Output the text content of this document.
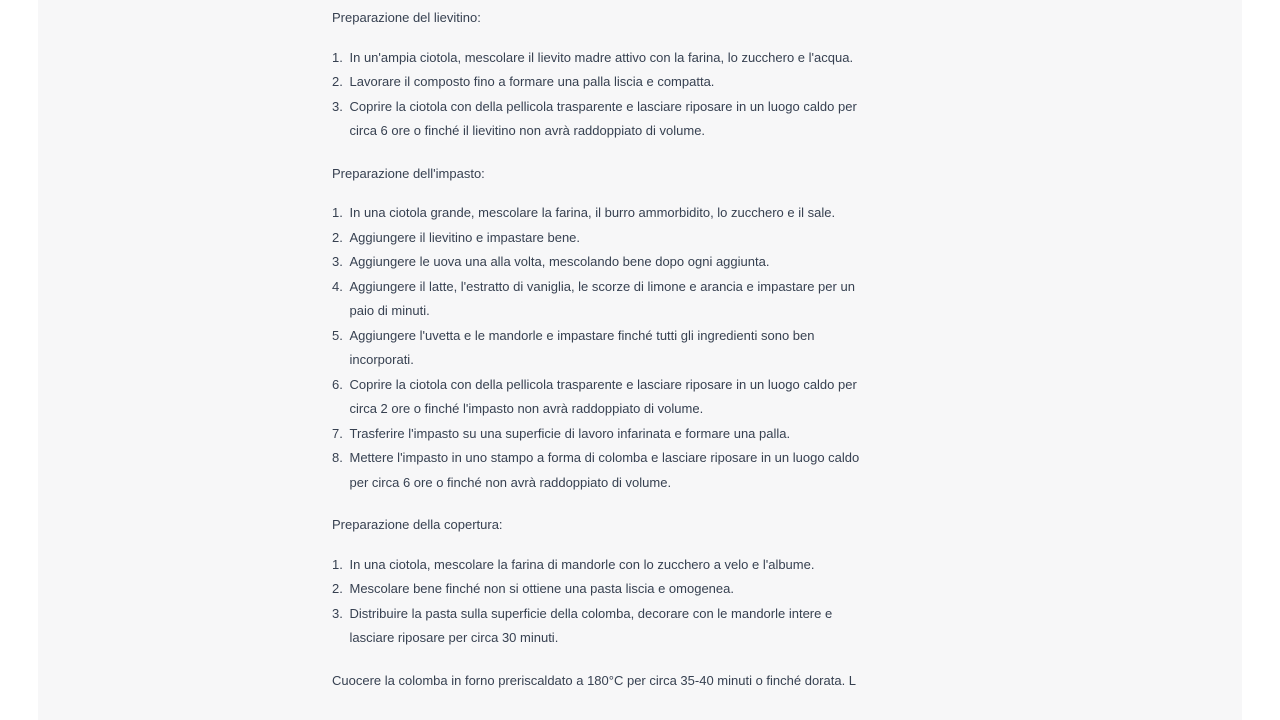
Preparazione del lievitino:
1. In un'ampia ciotola, mescolare il lievito madre attivo con la farina, lo zucchero e l'acqua.
2. Lavorare il composto fino a formare una palla liscia e compatta.
3. Coprire la ciotola con della pellicola trasparente e lasciare riposare in un luogo caldo per circa 6 ore o finché il lievitino non avrà raddoppiato di volume.
Preparazione dell'impasto:
1. In una ciotola grande, mescolare la farina, il burro ammorbidito, lo zucchero e il sale.
2. Aggiungere il lievitino e impastare bene.
3. Aggiungere le uova una alla volta, mescolando bene dopo ogni aggiunta.
4. Aggiungere il latte, l'estratto di vaniglia, le scorze di limone e arancia e impastare per un paio di minuti.
5. Aggiungere l'uvetta e le mandorle e impastare finché tutti gli ingredienti sono ben incorporati.
6. Coprire la ciotola con della pellicola trasparente e lasciare riposare in un luogo caldo per circa 2 ore o finché l'impasto non avrà raddoppiato di volume.
7. Trasferire l'impasto su una superficie di lavoro infarinata e formare una palla.
8. Mettere l'impasto in uno stampo a forma di colomba e lasciare riposare in un luogo caldo per circa 6 ore o finché non avrà raddoppiato di volume.
Preparazione della copertura:
1. In una ciotola, mescolare la farina di mandorle con lo zucchero a velo e l'albume.
2. Mescolare bene finché non si ottiene una pasta liscia e omogenea.
3. Distribuire la pasta sulla superficie della colomba, decorare con le mandorle intere e lasciare riposare per circa 30 minuti.
Cuocere la colomba in forno preriscaldato a 180°C per circa 35-40 minuti o finché dorata. L
